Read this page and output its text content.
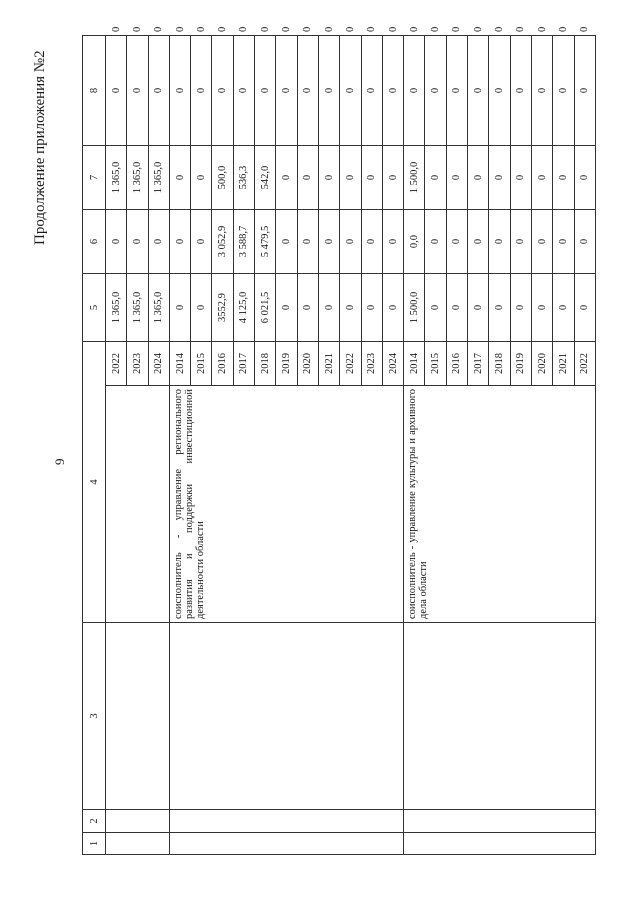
9
Продолжение приложения №2
1	2	3	4		5	6	7	8	
				2022	1 365,0	0	1 365,0	0	0
				2023	1 365,0	0	1 365,0	0	0
				2024	1 365,0	0	1 365,0	0	0
			соисполнитель - управление регионального развития и поддержки инвестиционной деятельности области	2014	0	0	0	0	0
				2015	0	0	0	0	0
				2016	3552,9	3 052,9	500,0	0	0
				2017	4 125,0	3 588,7	536,3	0	0
				2018	6 021,5	5 479,5	542,0	0	0
				2019	0	0	0	0	0
				2020	0	0	0	0	0
				2021	0	0	0	0	0
				2022	0	0	0	0	0
				2023	0	0	0	0	0
				2024	0	0	0	0	0
			соисполнитель - управление культуры и архивного дела области	2014	1 500,0	0,0	1 500,0	0	0
				2015	0	0	0	0	0
				2016	0	0	0	0	0
				2017	0	0	0	0	0
				2018	0	0	0	0	0
				2019	0	0	0	0	0
				2020	0	0	0	0	0
				2021	0	0	0	0	0
				2022	0	0	0	0	0
